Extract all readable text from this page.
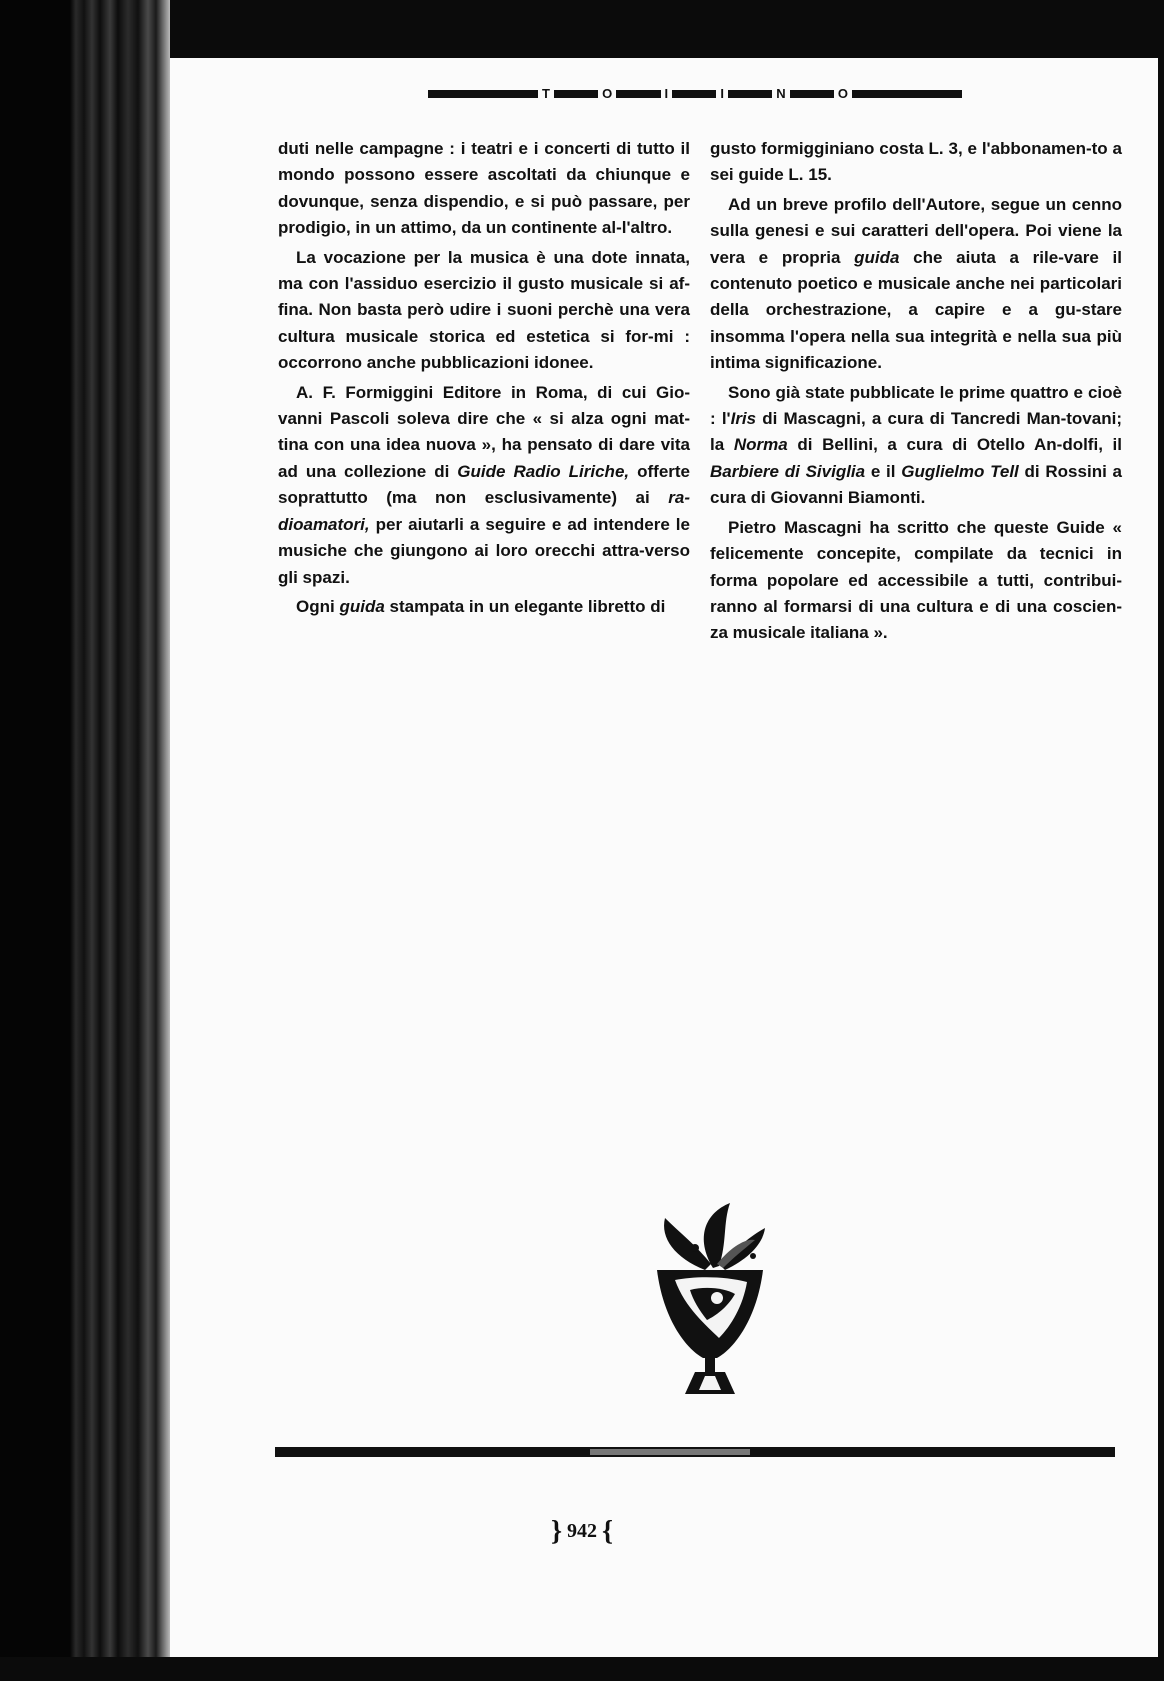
T	O	I	I	N	O

duti nelle campagne : i teatri e i concerti di tutto il mondo possono essere ascoltati da chiunque e dovunque, senza dispendio, e si può passare, per prodigio, in un attimo, da un continente al-l'altro.

La vocazione per la musica è una dote innata, ma con l'assiduo esercizio il gusto musicale si af-fina. Non basta però udire i suoni perchè una vera cultura musicale storica ed estetica si for-mi : occorrono anche pubblicazioni idonee.

A. F. Formiggini Editore in Roma, di cui Gio-vanni Pascoli soleva dire che « si alza ogni mat-tina con una idea nuova », ha pensato di dare vita ad una collezione di Guide Radio Liriche, offerte soprattutto (ma non esclusivamente) ai ra-dioamatori, per aiutarli a seguire e ad intendere le musiche che giungono ai loro orecchi attra-verso gli spazi.

Ogni guida stampata in un elegante libretto di

gusto formigginiano costa L. 3, e l'abbonamen-to a sei guide L. 15.

Ad un breve profilo dell'Autore, segue un cenno sulla genesi e sui caratteri dell'opera. Poi viene la vera e propria guida che aiuta a rile-vare il contenuto poetico e musicale anche nei particolari della orchestrazione, a capire e a gu-stare insomma l'opera nella sua integrità e nella sua più intima significazione.

Sono già state pubblicate le prime quattro e cioè : l'Iris di Mascagni, a cura di Tancredi Man-tovani; la Norma di Bellini, a cura di Otello An-dolfi, il Barbiere di Siviglia e il Guglielmo Tell di Rossini a cura di Giovanni Biamonti.

Pietro Mascagni ha scritto che queste Guide « felicemente concepite, compilate da tecnici in forma popolare ed accessibile a tutti, contribui-ranno al formarsi di una cultura e di una coscien-za musicale italiana ».

} 942 {
